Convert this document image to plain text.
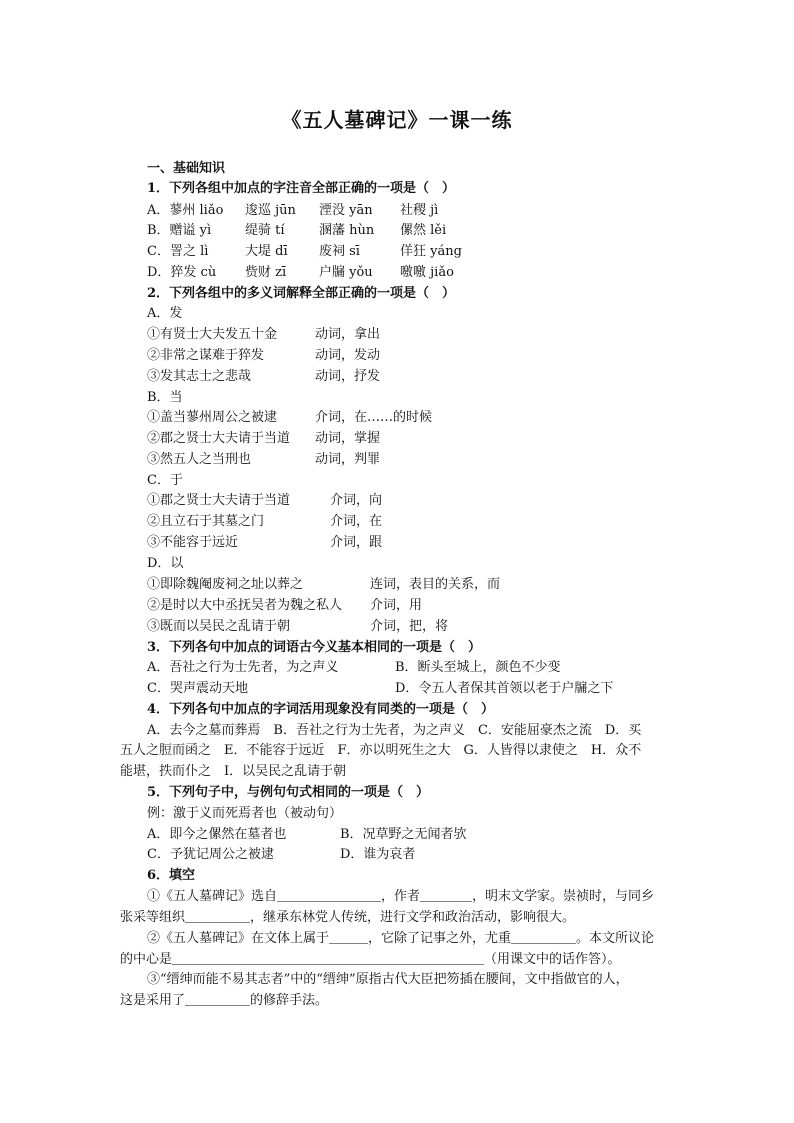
《五人墓碑记》一课一练
一、基础知识
1．下列各组中加点的字注音全部正确的一项是（　）
A．蓼州 liǎo 逡巡 jūn 湮没 yān 社稷 jì
B．赠谥 yì	缇骑 tí	溷藩 hùn 傫然 lěi
C．詈之 lì	大堤 dī 废祠 sī	佯狂 yáng
D．猝发 cù 赀财 zī	户牖 yǒu 噭噭 jiǎo
2．下列各组中的多义词解释全部正确的一项是（　）
A．发
①有贤士大夫发五十金	动词，拿出
②非常之谋难于猝发	动词，发动
③发其志士之悲哉	动词，抒发
B．当
①盖当蓼州周公之被逮	介词，在……的时候
②郡之贤士大夫请于当道 动词，掌握
③然五人之当刑也	动词，判罪
C．于
①郡之贤士大夫请于当道	介词，向
②且立石于其墓之门	介词，在
③不能容于远近	介词，跟
D．以
①即除魏阉废祠之址以葬之	连词，表目的关系，而
②是时以大中丞抚吴者为魏之私人 介词，用
③既而以吴民之乱请于朝	介词，把，将
3．下列各句中加点的词语古今义基本相同的一项是（　）
A．吾社之行为士先者，为之声义	B．断头至城上，颜色不少变
C．哭声震动天地	D．令五人者保其首领以老于户牖之下
4．下列各句中加点的字词活用现象没有同类的一项是（　）
A．去今之墓而葬焉　B．吾社之行为士先者，为之声义　C．安能屈豪杰之流　D．买
五人之脰而函之　E．不能容于远近　F．亦以明死生之大　G．人皆得以隶使之　H．众不
能堪，抶而仆之　I．以吴民之乱请于朝
5．下列句子中，与例句句式相同的一项是（　）
例：激于义而死焉者也（被动句）
A．即今之傫然在墓者也	B．况草野之无闻者欤
C．予犹记周公之被逮	D．谁为哀者
6．填空
①《五人墓碑记》选自＿＿＿＿＿＿＿＿，作者＿＿＿＿，明末文学家。崇祯时，与同乡
张采等组织＿＿＿＿＿，继承东林党人传统，进行文学和政治活动，影响很大。
②《五人墓碑记》在文体上属于＿＿＿，它除了记事之外，尤重＿＿＿＿＿。本文所议论
的中心是＿＿＿＿＿＿＿＿＿＿＿＿＿＿＿＿＿＿＿＿＿＿＿＿（用课文中的话作答）。
③“缙绅而能不易其志者”中的“缙绅”原指古代大臣把笏插在腰间，文中指做官的人，
这是采用了＿＿＿＿＿的修辞手法。
